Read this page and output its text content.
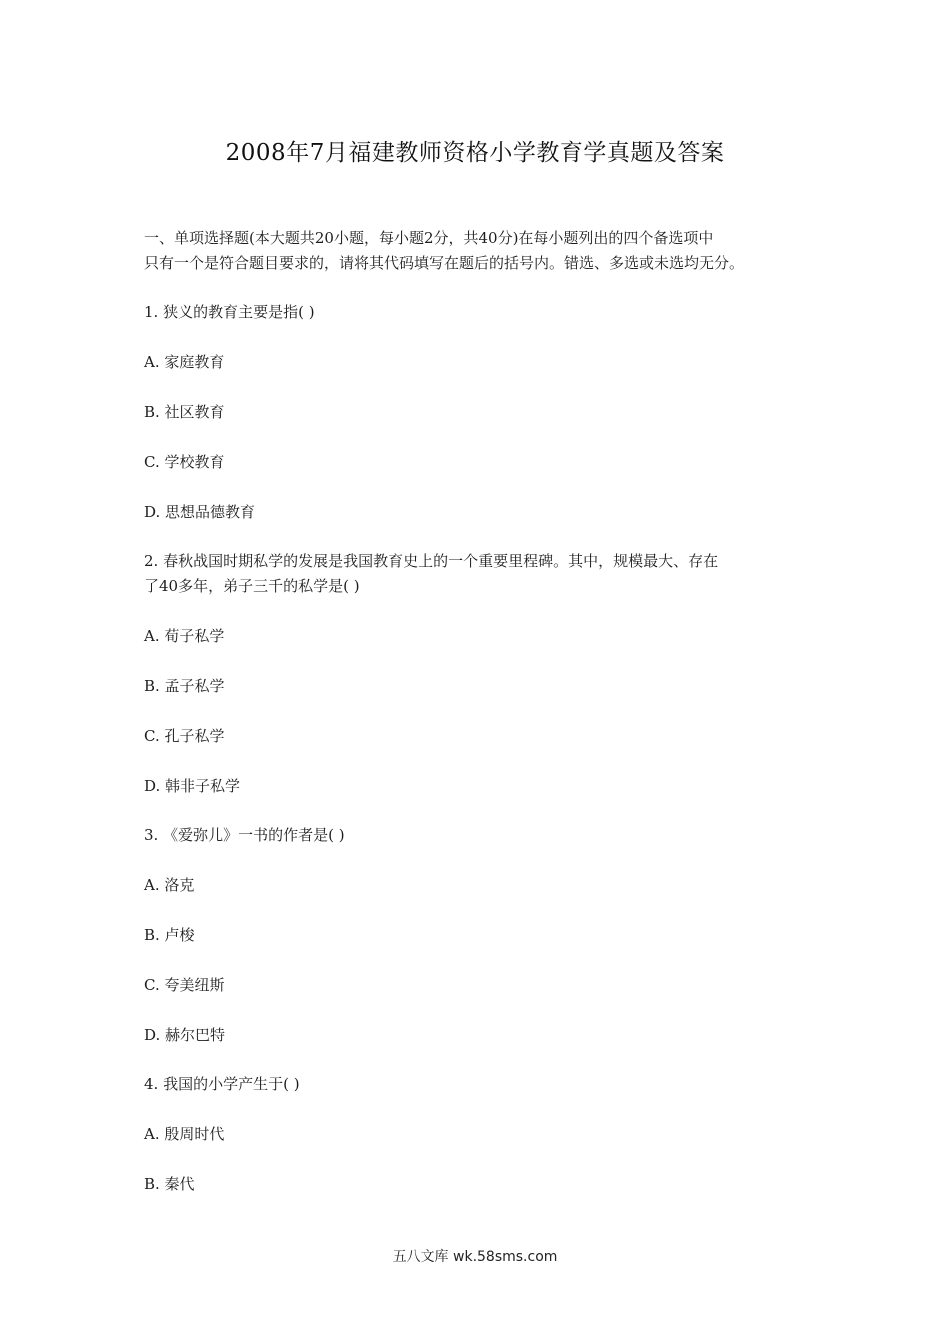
2008年7月福建教师资格小学教育学真题及答案
一、单项选择题(本大题共20小题，每小题2分，共40分)在每小题列出的四个备选项中
只有一个是符合题目要求的，请将其代码填写在题后的括号内。错选、多选或未选均无分。
1. 狭义的教育主要是指( )
A. 家庭教育
B. 社区教育
C. 学校教育
D. 思想品德教育
2. 春秋战国时期私学的发展是我国教育史上的一个重要里程碑。其中，规模最大、存在
了40多年，弟子三千的私学是( )
A. 荀子私学
B. 孟子私学
C. 孔子私学
D. 韩非子私学
3. 《爱弥儿》一书的作者是( )
A. 洛克
B. 卢梭
C. 夸美纽斯
D. 赫尔巴特
4. 我国的小学产生于( )
A. 殷周时代
B. 秦代
五八文库 wk.58sms.com
